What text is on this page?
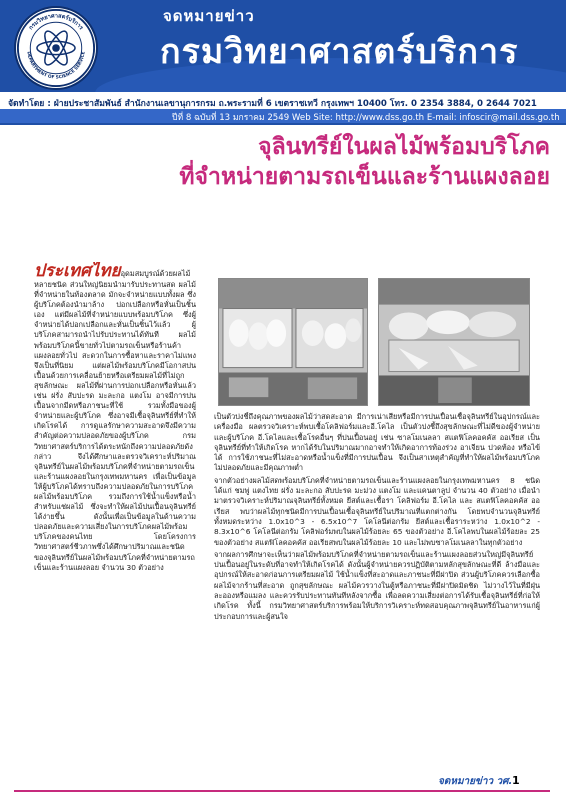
กรมวิทยาศาสตร์บริการ
DEPARTMENT OF SCIENCE SERVICE
จดหมายข่าว
กรมวิทยาศาสตร์บริการ
จัดทำโดย : ฝ่ายประชาสัมพันธ์ สำนักงานเลขานุการกรม ถ.พระรามที่ 6 เขตราชเทวี กรุงเทพฯ 10400 โทร. 0 2354 3884, 0 2644 7021
ปีที่ 8 ฉบับที่ 13 มกราคม 2549 Web Site: http://www.dss.go.th E-mail: infoscir@mail.dss.go.th
จุลินทรีย์ในผลไม้พร้อมบริโภค
ที่จำหน่ายตามรถเข็นและร้านแผงลอย
ประเทศไทยอุดมสมบูรณ์ด้วยผลไม้หลายชนิด ส่วนใหญ่นิยมนำมารับประทานสด ผลไม้ที่จำหน่ายในท้องตลาด มักจะจำหน่ายแบบทั้งผล ซึ่งผู้บริโภคต้องนำมาล้าง ปอกเปลือกหรือหั่นเป็นชิ้นเอง แต่มีผลไม้ที่จำหน่ายแบบพร้อมบริโภค ซึ่งผู้จำหน่ายได้ปอกเปลือกและหั่นเป็นชิ้นไว้แล้ว ผู้บริโภคสามารถนำไปรับประทานได้ทันที ผลไม้พร้อมบริโภคนี้ขายทั่วไปตามรถเข็นหรือร้านค้าแผงลอยทั่วไป สะดวกในการซื้อหาและราคาไม่แพงจึงเป็นที่นิยม แต่ผลไม้พร้อมบริโภคมีโอกาสปนเปื้อนด้วยการเคลื่อนย้ายหรือเตรียมผลไม้ที่ไม่ถูกสุขลักษณะ ผลไม้ที่ผ่านการปอกเปลือกหรือหั่นแล้ว เช่น ฝรั่ง สับปะรด มะละกอ แตงโม อาจมีการปนเปื้อนจากมีดหรือภาชนะที่ใช้ รวมทั้งมือของผู้จำหน่ายและผู้บริโภค ซึ่งอาจมีเชื้อจุลินทรีย์ที่ทำให้เกิดโรคได้ การดูแลรักษาความสะอาดจึงมีความสำคัญต่อความปลอดภัยของผู้บริโภค กรมวิทยาศาสตร์บริการได้ตระหนักถึงความปลอดภัยดังกล่าว จึงได้ศึกษาและตรวจวิเคราะห์ปริมาณจุลินทรีย์ในผลไม้พร้อมบริโภคที่จำหน่ายตามรถเข็นและร้านแผงลอยในกรุงเทพมหานคร เพื่อเป็นข้อมูลให้ผู้บริโภคได้ทราบถึงความปลอดภัยในการบริโภคผลไม้พร้อมบริโภค รวมถึงการใช้น้ำแข็งหรือน้ำสำหรับแช่ผลไม้ ซึ่งจะทำให้ผลไม้ปนเปื้อนจุลินทรีย์ได้ง่ายขึ้น ดังนั้นเพื่อเป็นข้อมูลในด้านความปลอดภัยและความเสี่ยงในการบริโภคผลไม้พร้อมบริโภคของคนไทย โดยโครงการวิทยาศาสตร์ชีวภาพซึ่งได้ศึกษาปริมาณและชนิดของจุลินทรีย์ในผลไม้พร้อมบริโภคที่จำหน่ายตามรถเข็นและร้านแผงลอย จำนวน 30 ตัวอย่าง

เป็นตัวบ่งชี้ถึงคุณภาพของผลไม้ว่าสดสะอาด มีการเน่าเสียหรือมีการปนเปื้อนเชื้อจุลินทรีย์ในอุปกรณ์และเครื่องมือ ผลตรวจวิเคราะห์พบเชื้อโคลิฟอร์มและอี.โคไล เป็นตัวบ่งชี้ถึงสุขลักษณะที่ไม่ดีของผู้จำหน่ายและผู้บริโภค อี.โคไลและเชื้อโรคอื่นๆ ที่ปนเปื้อนอยู่ เช่น ซาลโมเนลลา สแตฟิโลคอคคัส ออเรียส เป็นจุลินทรีย์ที่ทำให้เกิดโรค หากได้รับในปริมาณมากอาจทำให้เกิดอาการท้องร่วง อาเจียน ปวดท้อง หรือไข้ได้ การใช้ภาชนะที่ไม่สะอาดหรือน้ำแข็งที่มีการปนเปื้อน จึงเป็นสาเหตุสำคัญที่ทำให้ผลไม้พร้อมบริโภคไม่ปลอดภัยและมีคุณภาพต่ำ

จากตัวอย่างผลไม้สดพร้อมบริโภคที่จำหน่ายตามรถเข็นและร้านแผงลอยในกรุงเทพมหานคร 8 ชนิด ได้แก่ ชมพู่ แตงไทย ฝรั่ง มะละกอ สับปะรด มะม่วง แตงโม และแคนตาลูป จำนวน 40 ตัวอย่าง เมื่อนำมาตรวจวิเคราะห์ปริมาณจุลินทรีย์ทั้งหมด ยีสต์และเชื้อรา โคลิฟอร์ม อี.โคไล และ สแตฟิโลคอคคัส ออเรียส พบว่าผลไม้ทุกชนิดมีการปนเปื้อนเชื้อจุลินทรีย์ในปริมาณที่แตกต่างกัน โดยพบจำนวนจุลินทรีย์ทั้งหมดระหว่าง 1.0x10^3 - 6.5x10^7 โคโลนีต่อกรัม ยีสต์และเชื้อราระหว่าง 1.0x10^2 - 8.3x10^6 โคโลนีต่อกรัม โคลิฟอร์มพบในผลไม้ร้อยละ 65 ของตัวอย่าง อี.โคไลพบในผลไม้ร้อยละ 25 ของตัวอย่าง สแตฟิโลคอคคัส ออเรียสพบในผลไม้ร้อยละ 10 และไม่พบซาลโมเนลลาในทุกตัวอย่าง

จากผลการศึกษาจะเห็นว่าผลไม้พร้อมบริโภคที่จำหน่ายตามรถเข็นและร้านแผงลอยส่วนใหญ่มีจุลินทรีย์ปนเปื้อนอยู่ในระดับที่อาจทำให้เกิดโรคได้ ดังนั้นผู้จำหน่ายควรปฏิบัติตามหลักสุขลักษณะที่ดี ล้างมือและอุปกรณ์ให้สะอาดก่อนการเตรียมผลไม้ ใช้น้ำแข็งที่สะอาดและภาชนะที่มีฝาปิด ส่วนผู้บริโภคควรเลือกซื้อผลไม้จากร้านที่สะอาด ถูกสุขลักษณะ ผลไม้ควรวางในตู้หรือภาชนะที่มีฝาปิดมิดชิด ไม่วางไว้ในที่มีฝุ่นละอองหรือแมลง และควรรับประทานทันทีหลังจากซื้อ เพื่อลดความเสี่ยงต่อการได้รับเชื้อจุลินทรีย์ที่ก่อให้เกิดโรค ทั้งนี้ กรมวิทยาศาสตร์บริการพร้อมให้บริการวิเคราะห์ทดสอบคุณภาพจุลินทรีย์ในอาหารแก่ผู้ประกอบการและผู้สนใจ

จดหมายข่าว วศ. 1
